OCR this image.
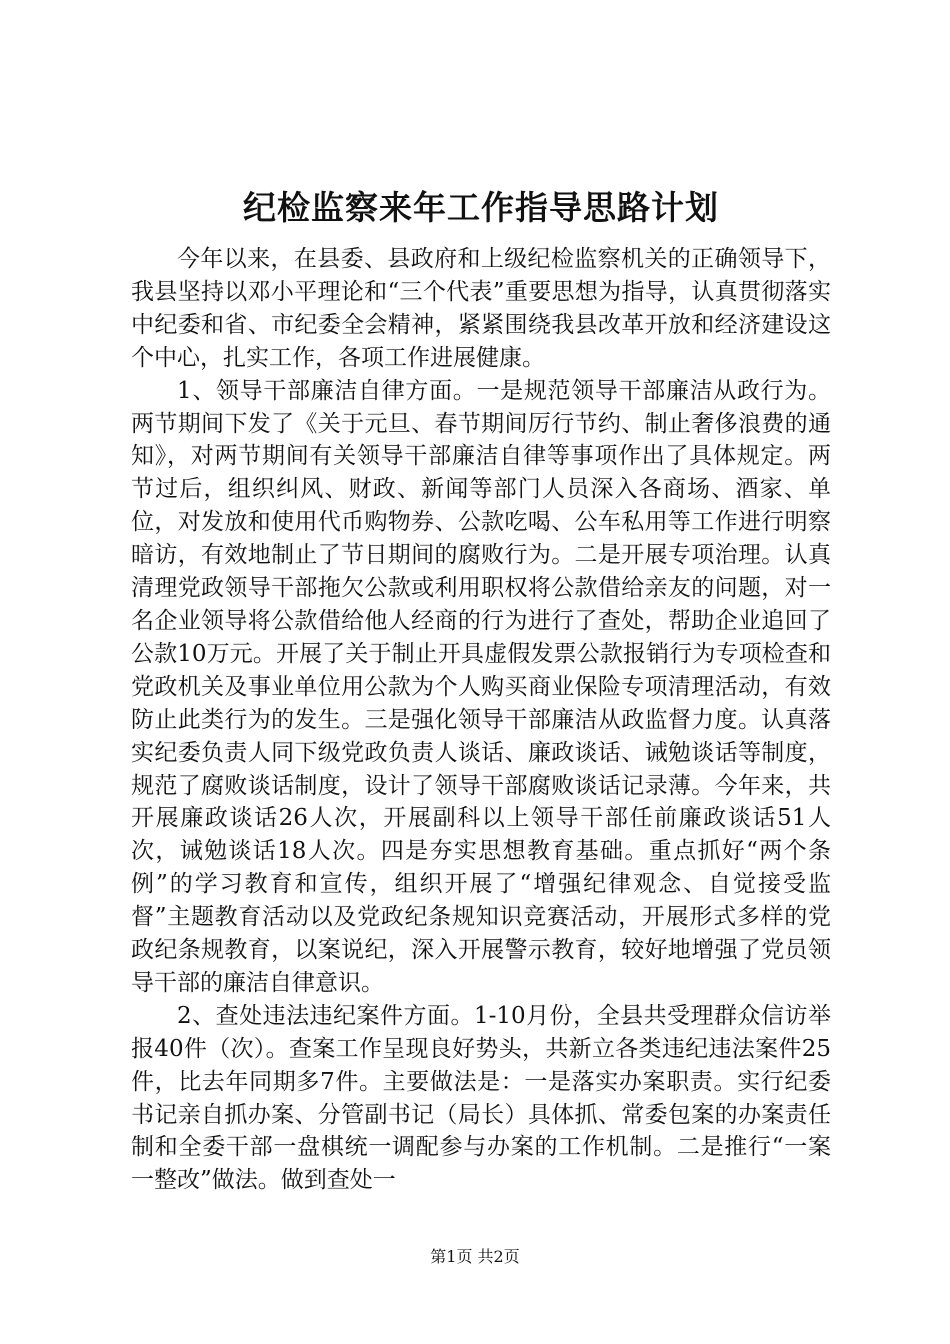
纪检监察来年工作指导思路计划

今年以来，在县委、县政府和上级纪检监察机关的正确领导下，我县坚持以邓小平理论和“三个代表”重要思想为指导，认真贯彻落实中纪委和省、市纪委全会精神，紧紧围绕我县改革开放和经济建设这个中心，扎实工作，各项工作进展健康。

1、领导干部廉洁自律方面。一是规范领导干部廉洁从政行为。两节期间下发了《关于元旦、春节期间厉行节约、制止奢侈浪费的通知》，对两节期间有关领导干部廉洁自律等事项作出了具体规定。两节过后，组织纠风、财政、新闻等部门人员深入各商场、酒家、单位，对发放和使用代币购物券、公款吃喝、公车私用等工作进行明察暗访，有效地制止了节日期间的腐败行为。二是开展专项治理。认真清理党政领导干部拖欠公款或利用职权将公款借给亲友的问题，对一名企业领导将公款借给他人经商的行为进行了查处，帮助企业追回了公款10万元。开展了关于制止开具虚假发票公款报销行为专项检查和党政机关及事业单位用公款为个人购买商业保险专项清理活动，有效防止此类行为的发生。三是强化领导干部廉洁从政监督力度。认真落实纪委负责人同下级党政负责人谈话、廉政谈话、诫勉谈话等制度，规范了腐败谈话制度，设计了领导干部腐败谈话记录薄。今年来，共开展廉政谈话26人次，开展副科以上领导干部任前廉政谈话51人次，诫勉谈话18人次。四是夯实思想教育基础。重点抓好“两个条例”的学习教育和宣传，组织开展了“增强纪律观念、自觉接受监督”主题教育活动以及党政纪条规知识竞赛活动，开展形式多样的党政纪条规教育，以案说纪，深入开展警示教育，较好地增强了党员领导干部的廉洁自律意识。

2、查处违法违纪案件方面。1-10月份，全县共受理群众信访举报40件（次）。查案工作呈现良好势头，共新立各类违纪违法案件25件，比去年同期多7件。主要做法是：一是落实办案职责。实行纪委书记亲自抓办案、分管副书记（局长）具体抓、常委包案的办案责任制和全委干部一盘棋统一调配参与办案的工作机制。二是推行“一案一整改”做法。做到查处一

第1页 共2页
